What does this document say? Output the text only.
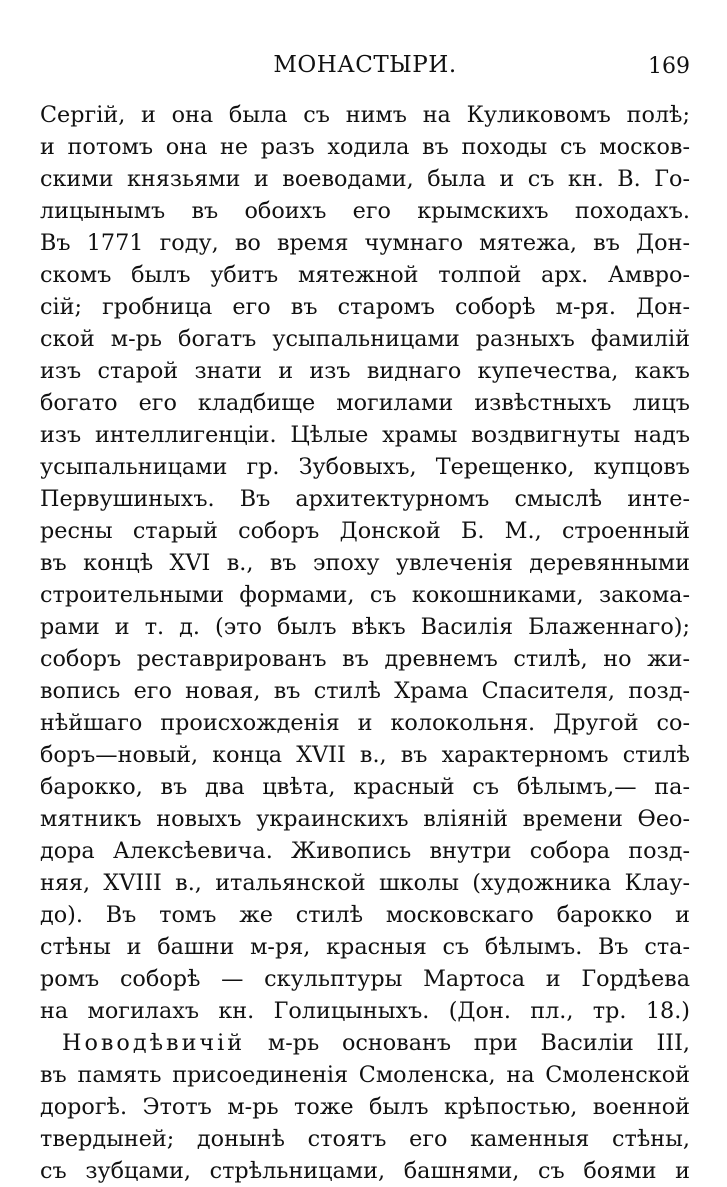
МОНАСТЫРИ.	169
Сергій, и она была съ нимъ на Куликовомъ полѣ;
и потомъ она не разъ ходила въ походы съ москов-
скими князьями и воеводами, была и съ кн. В. Го-
лицынымъ въ обоихъ его крымскихъ походахъ.
Въ 1771 году, во время чумнаго мятежа, въ Дон-
скомъ былъ убитъ мятежной толпой арх. Амвро-
сій; гробница его въ старомъ соборѣ м-ря. Дон-
ской м-рь богатъ усыпальницами разныхъ фамилій
изъ старой знати и изъ виднаго купечества, какъ
богато его кладбище могилами извѣстныхъ лицъ
изъ интеллигенціи. Цѣлые храмы воздвигнуты надъ
усыпальницами гр. Зубовыхъ, Терещенко, купцовъ
Первушиныхъ. Въ архитектурномъ смыслѣ инте-
ресны старый соборъ Донской Б. М., строенный
въ концѣ XVI в., въ эпоху увлеченія деревянными
строительными формами, съ кокошниками, закома-
рами и т. д. (это былъ вѣкъ Василія Блаженнаго);
соборъ реставрированъ въ древнемъ стилѣ, но жи-
вопись его новая, въ стилѣ Храма Спасителя, позд-
нѣйшаго происхожденія и колокольня. Другой со-
боръ—новый, конца XVII в., въ характерномъ стилѣ
барокко, въ два цвѣта, красный съ бѣлымъ,— па-
мятникъ новыхъ украинскихъ вліяній времени Ѳео-
дора Алексѣевича. Живопись внутри собора позд-
няя, XVIII в., итальянской школы (художника Клау-
до). Въ томъ же стилѣ московскаго барокко и
стѣны и башни м-ря, красныя съ бѣлымъ. Въ ста-
ромъ соборѣ — скульптуры Мартоса и Гордѣева
на могилахъ кн. Голицыныхъ. (Дон. пл., тр. 18.)
Новодѣвичій м-рь основанъ при Василіи III,
въ память присоединенія Смоленска, на Смоленской
дорогѣ. Этотъ м-рь тоже былъ крѣпостью, военной
твердыней; донынѣ стоятъ его каменныя стѣны,
съ зубцами, стрѣльницами, башнями, съ боями и
